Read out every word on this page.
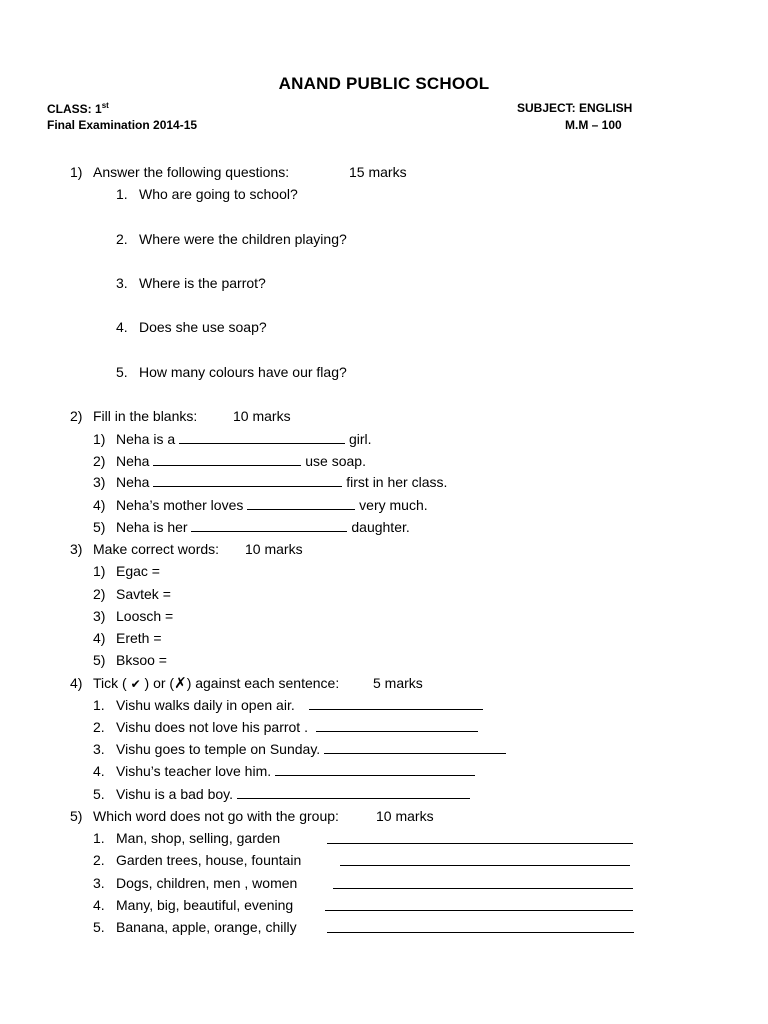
ANAND PUBLIC SCHOOL
CLASS: 1st
Final Examination 2014-15
SUBJECT: ENGLISH
M.M – 100
1) Answer the following questions:	15 marks
1. Who are going to school?
2. Where were the children playing?
3. Where is the parrot?
4. Does she use soap?
5. How many colours have our flag?
2) Fill in the blanks:	10 marks
1) Neha is a	girl.
2) Neha	use soap.
3) Neha	first in her class.
4) Neha’s mother loves	very much.
5) Neha is her	daughter.
3) Make correct words: 10 marks
1) Egac =
2) Savtek =
3) Loosch =
4) Ereth =
5) Bksoo =
4) Tick ( ✔ ) or (✗) against each sentence: 5 marks
1. Vishu walks daily in open air.
2. Vishu does not love his parrot .
3. Vishu goes to temple on Sunday.
4. Vishu’s teacher love him.
5. Vishu is a bad boy.
5) Which word does not go with the group:	10 marks
1. Man, shop, selling, garden
2. Garden trees, house, fountain
3. Dogs, children, men , women
4. Many, big, beautiful, evening
5. Banana, apple, orange, chilly
